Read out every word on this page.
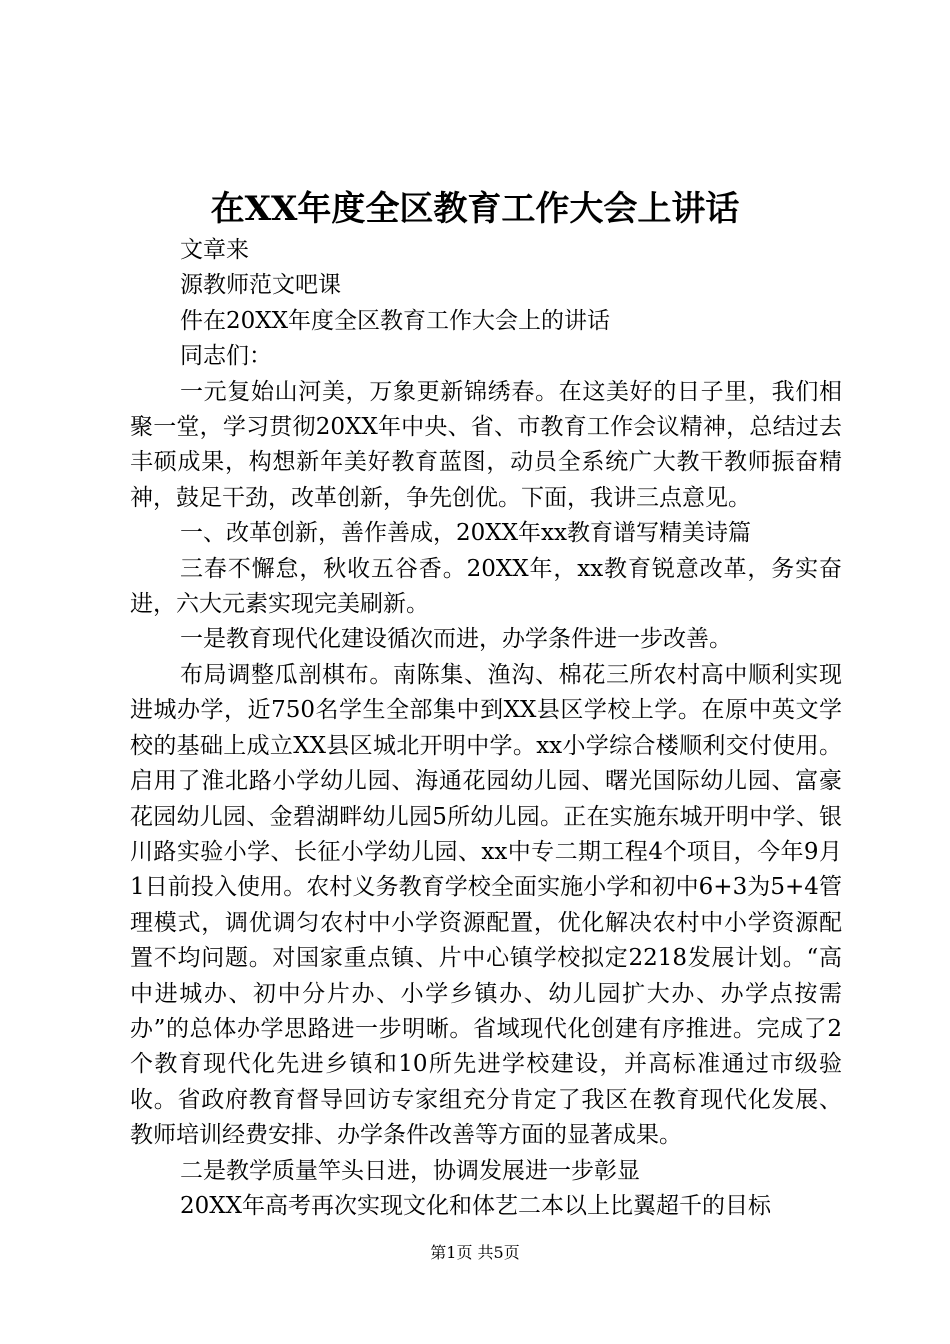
在XX年度全区教育工作大会上讲话

文章来

源教师范文吧课

件在20XX年度全区教育工作大会上的讲话

同志们：

一元复始山河美，万象更新锦绣春。在这美好的日子里，我们相聚一堂，学习贯彻20XX年中央、省、市教育工作会议精神，总结过去丰硕成果，构想新年美好教育蓝图，动员全系统广大教干教师振奋精神，鼓足干劲，改革创新，争先创优。下面，我讲三点意见。

一、改革创新，善作善成，20XX年xx教育谱写精美诗篇

三春不懈怠，秋收五谷香。20XX年，xx教育锐意改革，务实奋进，六大元素实现完美刷新。

一是教育现代化建设循次而进，办学条件进一步改善。

布局调整瓜剖棋布。南陈集、渔沟、棉花三所农村高中顺利实现进城办学，近750名学生全部集中到XX县区学校上学。在原中英文学校的基础上成立XX县区城北开明中学。xx小学综合楼顺利交付使用。启用了淮北路小学幼儿园、海通花园幼儿园、曙光国际幼儿园、富豪花园幼儿园、金碧湖畔幼儿园5所幼儿园。正在实施东城开明中学、银川路实验小学、长征小学幼儿园、xx中专二期工程4个项目，今年9月1日前投入使用。农村义务教育学校全面实施小学和初中6+3为5+4管理模式，调优调匀农村中小学资源配置，优化解决农村中小学资源配置不均问题。对国家重点镇、片中心镇学校拟定2218发展计划。“高中进城办、初中分片办、小学乡镇办、幼儿园扩大办、办学点按需办”的总体办学思路进一步明晰。省域现代化创建有序推进。完成了2个教育现代化先进乡镇和10所先进学校建设，并高标准通过市级验收。省政府教育督导回访专家组充分肯定了我区在教育现代化发展、教师培训经费安排、办学条件改善等方面的显著成果。

二是教学质量竿头日进，协调发展进一步彰显

20XX年高考再次实现文化和体艺二本以上比翼超千的目标

第1页 共5页
